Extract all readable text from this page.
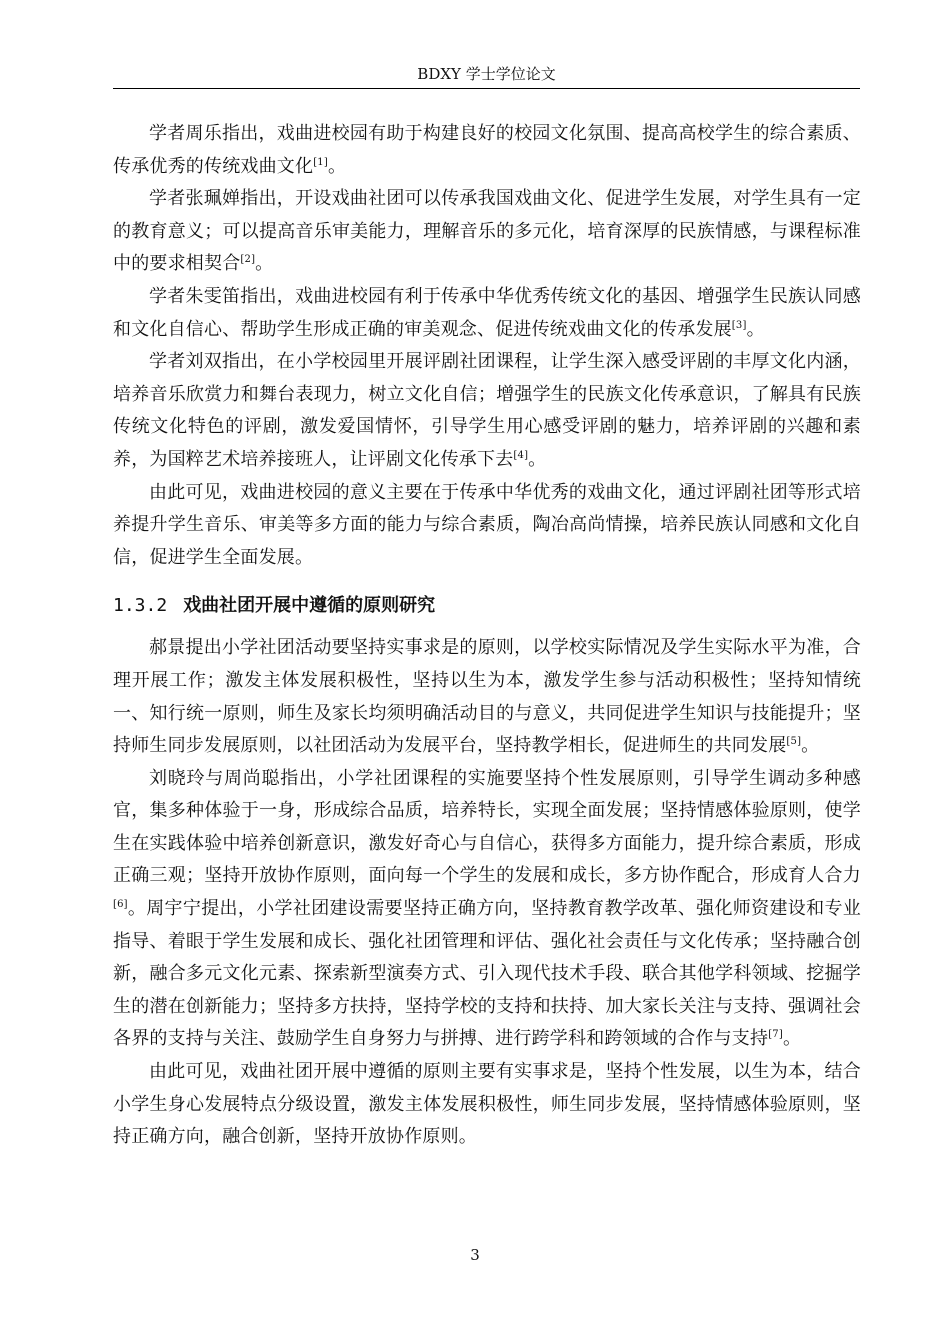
BDXY 学士学位论文

学者周乐指出，戏曲进校园有助于构建良好的校园文化氛围、提高高校学生的综合素质、传承优秀的传统戏曲文化[1]。

学者张珮婵指出，开设戏曲社团可以传承我国戏曲文化、促进学生发展，对学生具有一定的教育意义；可以提高音乐审美能力，理解音乐的多元化，培育深厚的民族情感，与课程标准中的要求相契合[2]。

学者朱雯笛指出，戏曲进校园有利于传承中华优秀传统文化的基因、增强学生民族认同感和文化自信心、帮助学生形成正确的审美观念、促进传统戏曲文化的传承发展[3]。

学者刘双指出，在小学校园里开展评剧社团课程，让学生深入感受评剧的丰厚文化内涵，培养音乐欣赏力和舞台表现力，树立文化自信；增强学生的民族文化传承意识，了解具有民族传统文化特色的评剧，激发爱国情怀，引导学生用心感受评剧的魅力，培养评剧的兴趣和素养，为国粹艺术培养接班人，让评剧文化传承下去[4]。

由此可见，戏曲进校园的意义主要在于传承中华优秀的戏曲文化，通过评剧社团等形式培养提升学生音乐、审美等多方面的能力与综合素质，陶冶高尚情操，培养民族认同感和文化自信，促进学生全面发展。

1.3.2 戏曲社团开展中遵循的原则研究

郝景提出小学社团活动要坚持实事求是的原则，以学校实际情况及学生实际水平为准，合理开展工作；激发主体发展积极性，坚持以生为本，激发学生参与活动积极性；坚持知情统一、知行统一原则，师生及家长均须明确活动目的与意义，共同促进学生知识与技能提升；坚持师生同步发展原则，以社团活动为发展平台，坚持教学相长，促进师生的共同发展[5]。

刘晓玲与周尚聪指出，小学社团课程的实施要坚持个性发展原则，引导学生调动多种感官，集多种体验于一身，形成综合品质，培养特长，实现全面发展；坚持情感体验原则，使学生在实践体验中培养创新意识，激发好奇心与自信心，获得多方面能力，提升综合素质，形成正确三观；坚持开放协作原则，面向每一个学生的发展和成长，多方协作配合，形成育人合力[6]。周宇宁提出，小学社团建设需要坚持正确方向，坚持教育教学改革、强化师资建设和专业指导、着眼于学生发展和成长、强化社团管理和评估、强化社会责任与文化传承；坚持融合创新，融合多元文化元素、探索新型演奏方式、引入现代技术手段、联合其他学科领域、挖掘学生的潜在创新能力；坚持多方扶持，坚持学校的支持和扶持、加大家长关注与支持、强调社会各界的支持与关注、鼓励学生自身努力与拼搏、进行跨学科和跨领域的合作与支持[7]。

由此可见，戏曲社团开展中遵循的原则主要有实事求是，坚持个性发展，以生为本，结合小学生身心发展特点分级设置，激发主体发展积极性，师生同步发展，坚持情感体验原则，坚持正确方向，融合创新，坚持开放协作原则。

3
